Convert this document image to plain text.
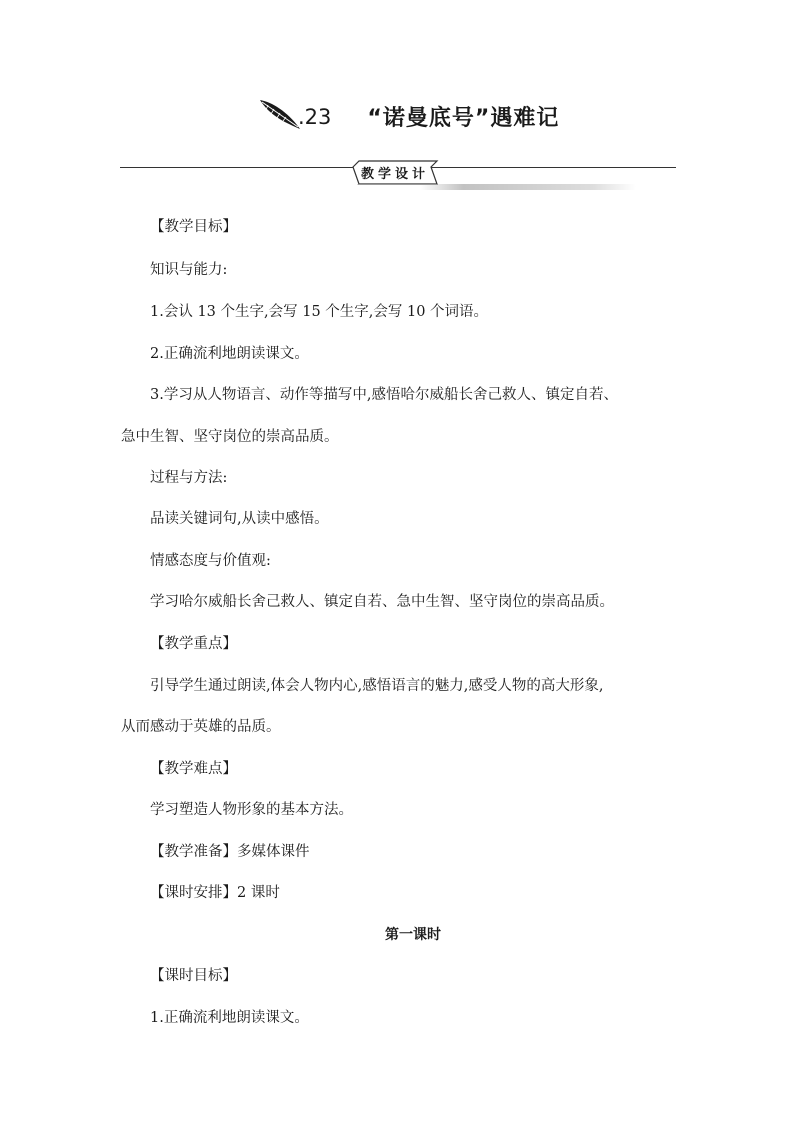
.23 “诺曼底号”遇难记
教学设计
【教学目标】
知识与能力:
1.会认 13 个生字,会写 15 个生字,会写 10 个词语。
2.正确流利地朗读课文。
3.学习从人物语言、动作等描写中,感悟哈尔威船长舍己救人、镇定自若、
急中生智、坚守岗位的崇高品质。
过程与方法:
品读关键词句,从读中感悟。
情感态度与价值观:
学习哈尔威船长舍己救人、镇定自若、急中生智、坚守岗位的崇高品质。
【教学重点】
引导学生通过朗读,体会人物内心,感悟语言的魅力,感受人物的高大形象,
从而感动于英雄的品质。
【教学难点】
学习塑造人物形象的基本方法。
【教学准备】多媒体课件
【课时安排】2 课时
第一课时
【课时目标】
1.正确流利地朗读课文。
